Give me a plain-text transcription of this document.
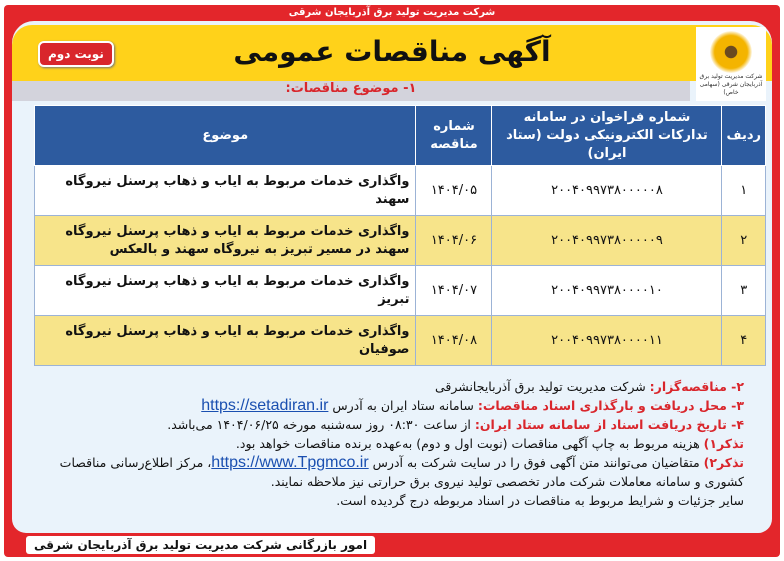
شرکت مدیریت تولید برق آذربایجان شرقی
آگهی مناقصات عمومی
نوبت دوم
شرکت مدیریت تولید برق آذربایجان شرقی (سهامی خاص)
۱- موضوع مناقصات:
ردیف	شماره فراخوان در سامانه تدارکات الکترونیکی دولت (ستاد ایران)	شماره مناقصه	موضوع
۱	۲۰۰۴۰۹۹۷۳۸۰۰۰۰۰۸	۱۴۰۴/۰۵	واگذاری خدمات مربوط به ایاب و ذهاب پرسنل نیروگاه سهند
۲	۲۰۰۴۰۹۹۷۳۸۰۰۰۰۰۹	۱۴۰۴/۰۶	واگذاری خدمات مربوط به ایاب و ذهاب پرسنل نیروگاه سهند در مسیر تبریز به نیروگاه سهند و بالعکس
۳	۲۰۰۴۰۹۹۷۳۸۰۰۰۰۱۰	۱۴۰۴/۰۷	واگذاری خدمات مربوط به ایاب و ذهاب پرسنل نیروگاه تبریز
۴	۲۰۰۴۰۹۹۷۳۸۰۰۰۰۱۱	۱۴۰۴/۰۸	واگذاری خدمات مربوط به ایاب و ذهاب پرسنل نیروگاه صوفیان
۲- مناقصه‌گزار: شرکت مدیریت تولید برق آذربایجانشرقی
۳- محل دریافت و بارگذاری اسناد مناقصات: سامانه ستاد ایران به آدرس https://setadiran.ir
۴- تاریخ دریافت اسناد از سامانه ستاد ایران: از ساعت ۰۸:۳۰ روز سه‌شنبه مورخه ۱۴۰۴/۰۶/۲۵ می‌باشد.
تذکر۱) هزینه مربوط به چاپ آگهی مناقصات (نوبت اول و دوم) به‌عهده برنده مناقصات خواهد بود.
تذکر۲) متقاضیان می‌توانند متن آگهی فوق را در سایت شرکت به آدرس https://www.Tpgmco.ir، مرکز اطلاع‌رسانی مناقصات کشوری و سامانه معاملات شرکت مادر تخصصی تولید نیروی برق حرارتی نیز ملاحظه نمایند.
سایر جزئیات و شرایط مربوط به مناقصات در اسناد مربوطه درج گردیده است.
امور بازرگانی شرکت مدیریت تولید برق آذربایجان شرقی
